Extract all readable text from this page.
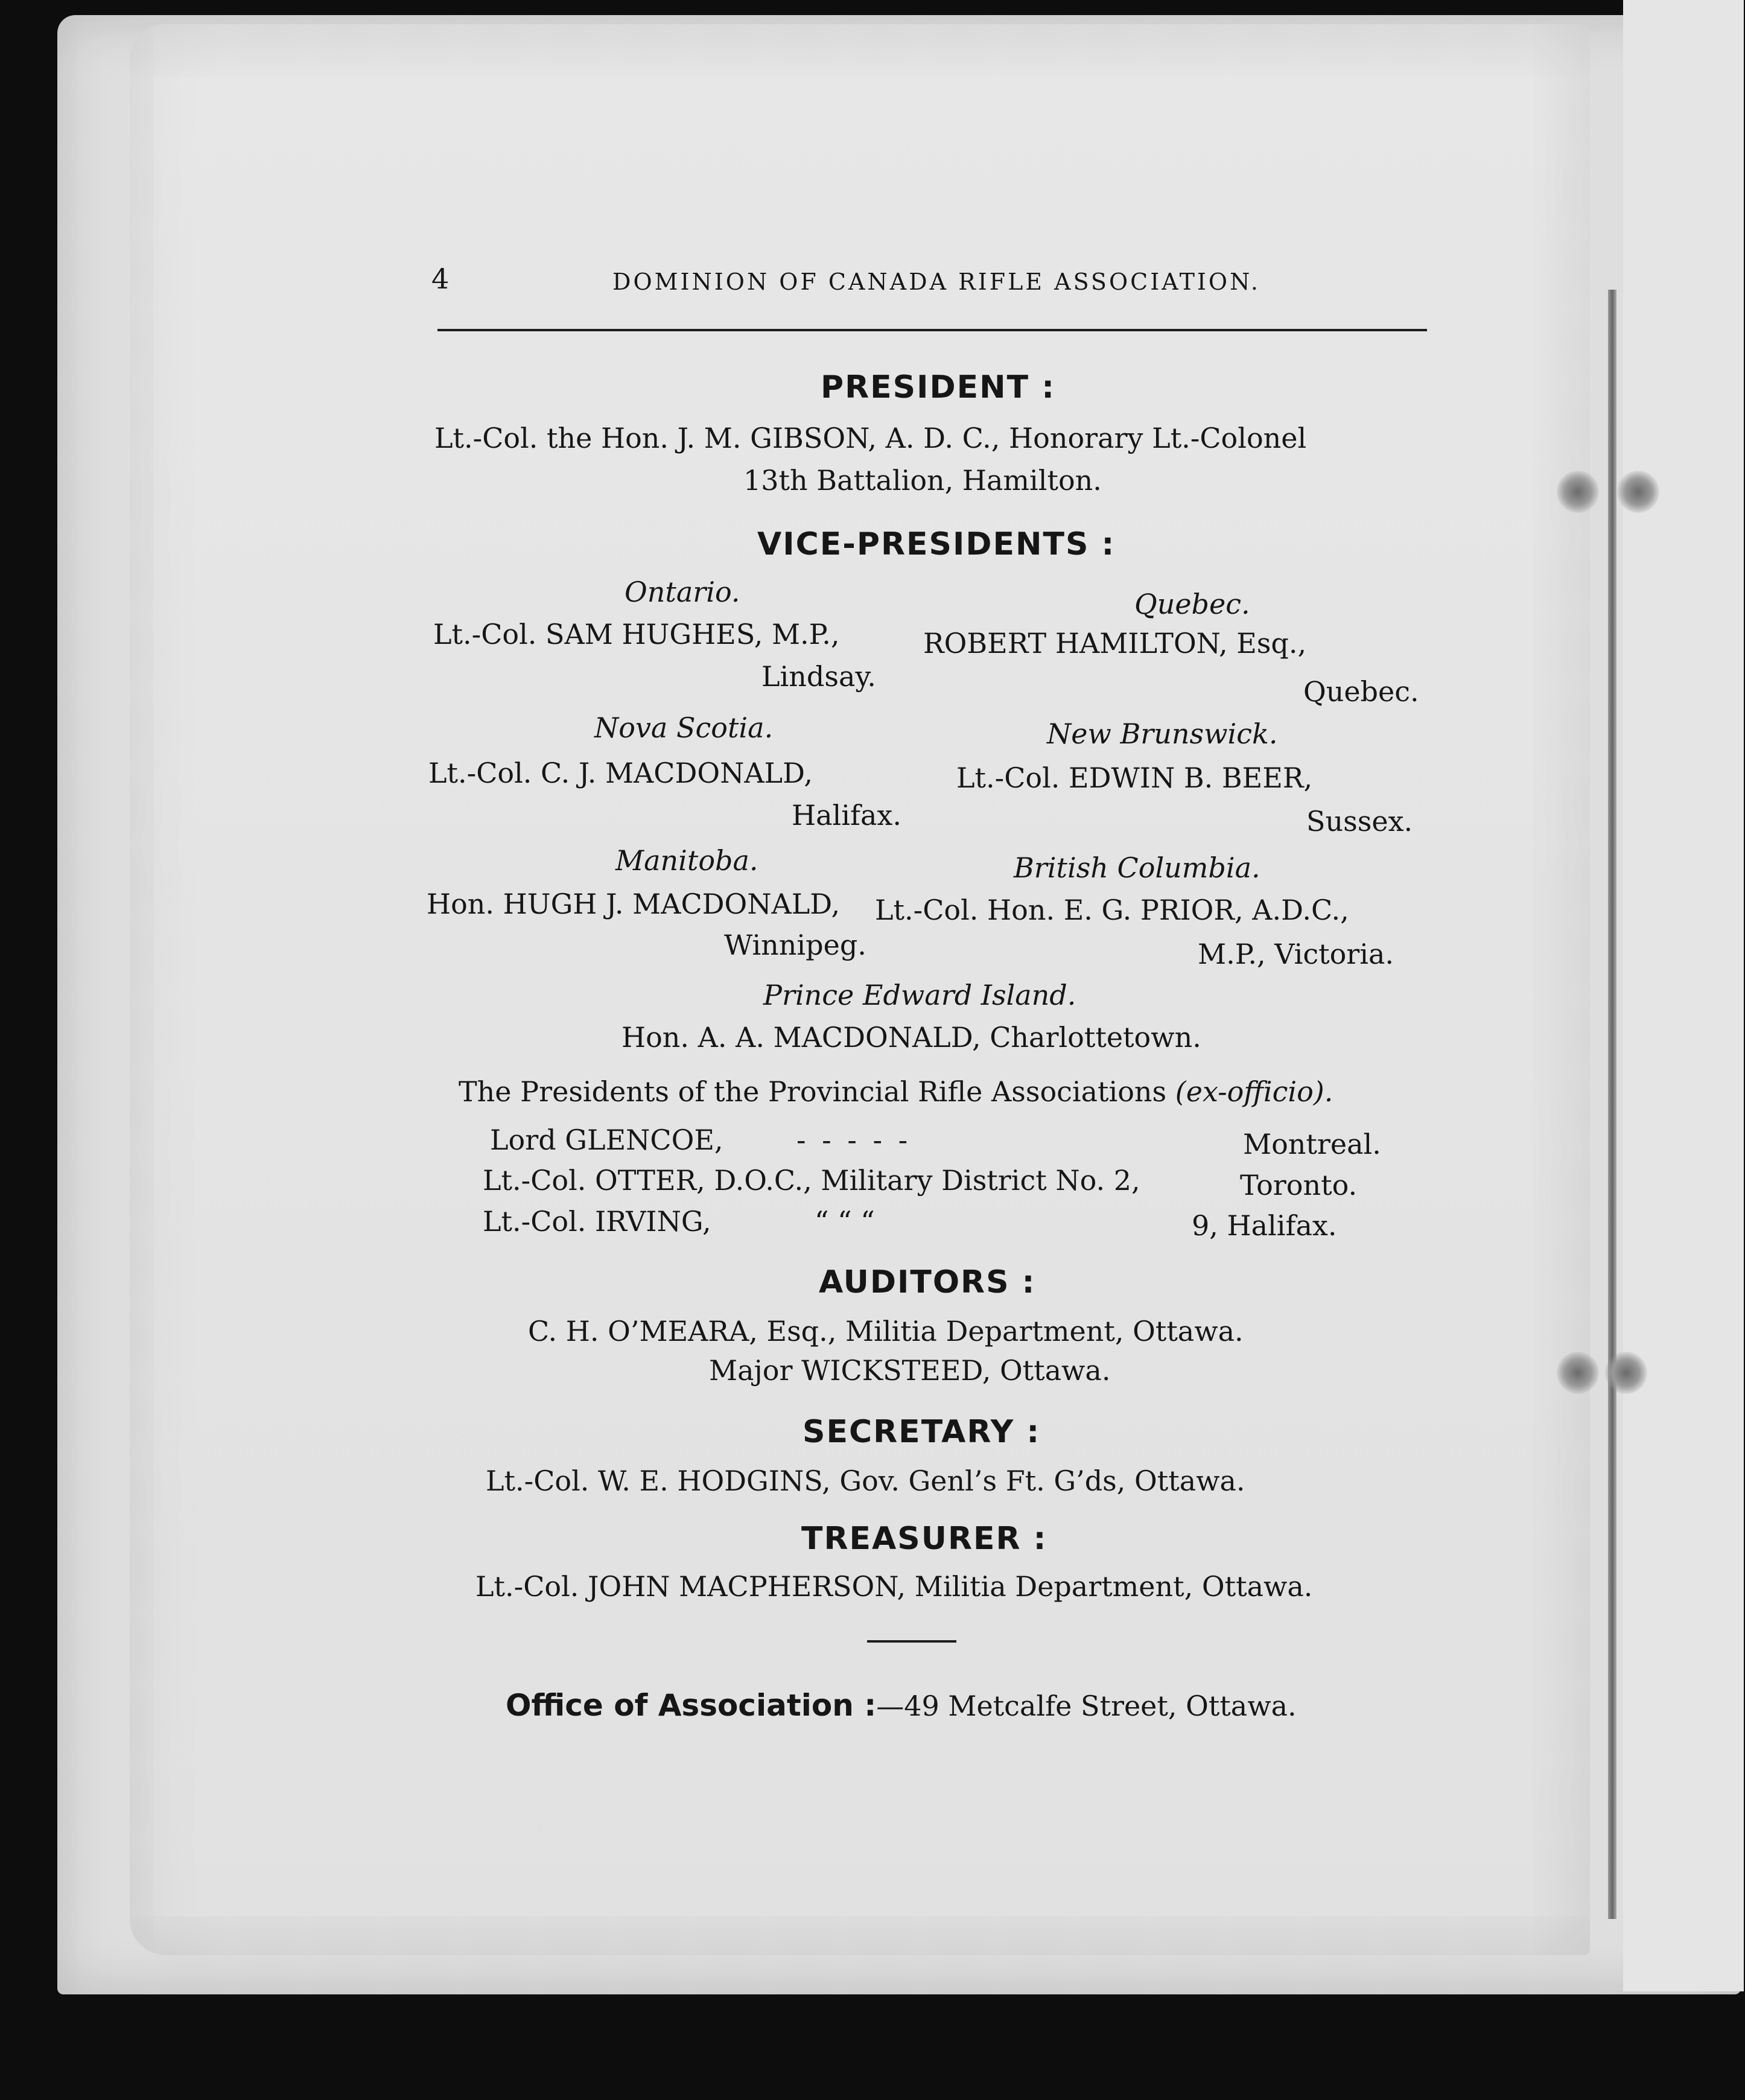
4	DOMINION OF CANADA RIFLE ASSOCIATION.
PRESIDENT :
Lt.-Col. the Hon. J. M. GIBSON, A. D. C., Honorary Lt.-Colonel
13th Battalion, Hamilton.
VICE-PRESIDENTS :
Ontario.	Quebec.
Lt.-Col. SAM HUGHES, M.P.,	ROBERT HAMILTON, Esq.,
Lindsay.	Quebec.
Nova Scotia.	New Brunswick.
Lt.-Col. C. J. MACDONALD,	Lt.-Col. EDWIN B. BEER,
Halifax.	Sussex.
Manitoba.	British Columbia.
Hon. HUGH J. MACDONALD, Lt.-Col. Hon. E. G. PRIOR, A.D.C.,
Winnipeg.	M.P., Victoria.
Prince Edward Island.
Hon. A. A. MACDONALD, Charlottetown.
The Presidents of the Provincial Rifle Associations (ex-officio).
Lord GLENCOE,	- - - - -	Montreal.
Lt.-Col. OTTER, D.O.C., Military District No. 2,	Toronto.
Lt.-Col. IRVING,	“ “ “	9, Halifax.
AUDITORS :
C. H. O’MEARA, Esq., Militia Department, Ottawa.
Major WICKSTEED, Ottawa.
SECRETARY :
Lt.-Col. W. E. HODGINS, Gov. Genl’s Ft. G’ds, Ottawa.
TREASURER :
Lt.-Col. JOHN MACPHERSON, Militia Department, Ottawa.
Office of Association :—49 Metcalfe Street, Ottawa.
